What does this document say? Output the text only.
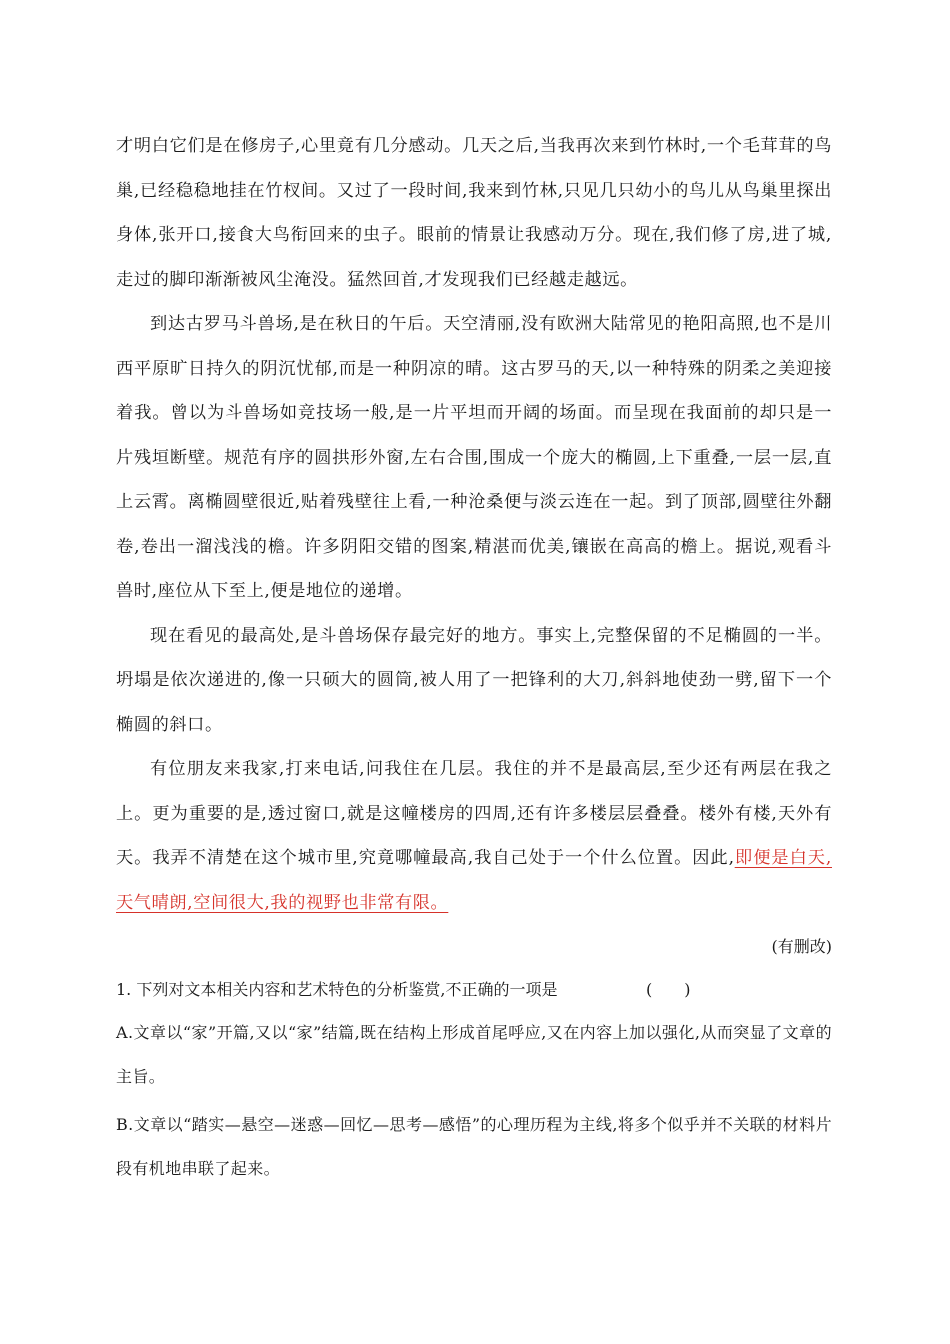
才明白它们是在修房子,心里竟有几分感动。几天之后,当我再次来到竹林时,一个毛茸茸的鸟巢,已经稳稳地挂在竹杈间。又过了一段时间,我来到竹林,只见几只幼小的鸟儿从鸟巢里探出身体,张开口,接食大鸟衔回来的虫子。眼前的情景让我感动万分。现在,我们修了房,进了城,走过的脚印渐渐被风尘淹没。猛然回首,才发现我们已经越走越远。

到达古罗马斗兽场,是在秋日的午后。天空清丽,没有欧洲大陆常见的艳阳高照,也不是川西平原旷日持久的阴沉忧郁,而是一种阴凉的晴。这古罗马的天,以一种特殊的阴柔之美迎接着我。曾以为斗兽场如竞技场一般,是一片平坦而开阔的场面。而呈现在我面前的却只是一片残垣断壁。规范有序的圆拱形外窗,左右合围,围成一个庞大的椭圆,上下重叠,一层一层,直上云霄。离椭圆壁很近,贴着残壁往上看,一种沧桑便与淡云连在一起。到了顶部,圆壁往外翻卷,卷出一溜浅浅的檐。许多阴阳交错的图案,精湛而优美,镶嵌在高高的檐上。据说,观看斗兽时,座位从下至上,便是地位的递增。

现在看见的最高处,是斗兽场保存最完好的地方。事实上,完整保留的不足椭圆的一半。坍塌是依次递进的,像一只硕大的圆筒,被人用了一把锋利的大刀,斜斜地使劲一劈,留下一个椭圆的斜口。

有位朋友来我家,打来电话,问我住在几层。我住的并不是最高层,至少还有两层在我之上。更为重要的是,透过窗口,就是这幢楼房的四周,还有许多楼层层叠叠。楼外有楼,天外有天。我弄不清楚在这个城市里,究竟哪幢最高,我自己处于一个什么位置。因此,即便是白天,天气晴朗,空间很大,我的视野也非常有限。

(有删改)

1. 下列对文本相关内容和艺术特色的分析鉴赏,不正确的一项是	(　　)

A.文章以“家”开篇,又以“家”结篇,既在结构上形成首尾呼应,又在内容上加以强化,从而突显了文章的主旨。

B.文章以“踏实—悬空—迷惑—回忆—思考—感悟”的心理历程为主线,将多个似乎并不关联的材料片段有机地串联了起来。
